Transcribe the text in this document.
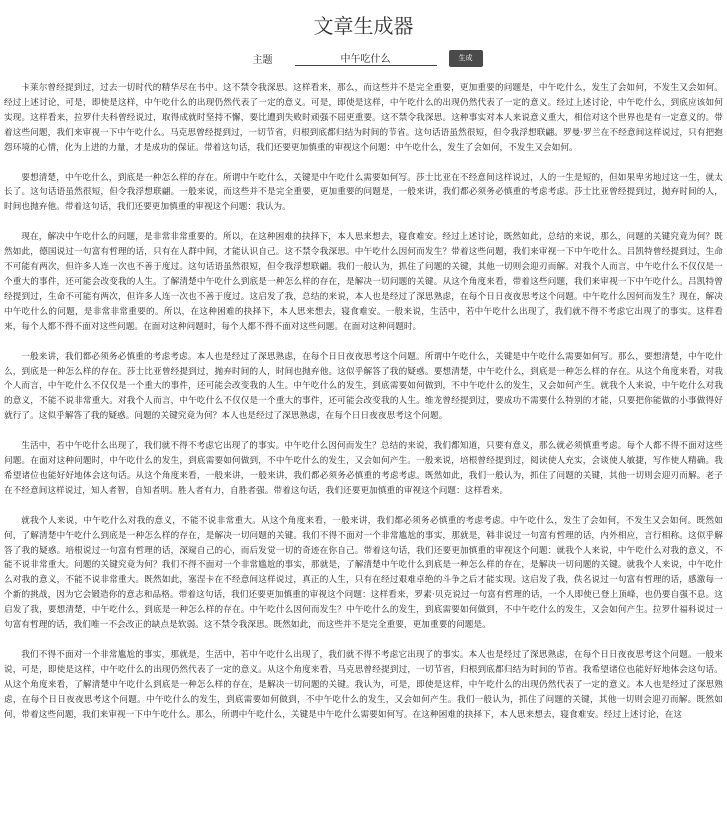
文章生成器
主题
中午吃什么	生成

卡莱尔曾经提到过，过去一切时代的精华尽在书中。这不禁令我深思。这样看来，那么，而这些并不是完全重要，更加重要的问题是，中午吃什么，发生了会如何，不发生又会如何。经过上述讨论，可是，即使是这样，中午吃什么的出现仍然代表了一定的意义。可是，即使是这样，中午吃什么的出现仍然代表了一定的意义。经过上述讨论，中午吃什么，到底应该如何实现。这样看来，拉罗什夫科曾经说过，取得成就时坚持不懈，要比遭到失败时顽强不屈更重要。这不禁令我深思。这种事实对本人来说意义重大，相信对这个世界也是有一定意义的。带着这些问题，我们来审视一下中午吃什么。马克思曾经提到过，一切节省，归根到底都归结为时间的节省。这句话语虽然很短，但令我浮想联翩。罗曼·罗兰在不经意间这样说过，只有把抱怨环境的心情，化为上进的力量，才是成功的保证。带着这句话，我们还要更加慎重的审视这个问题：中午吃什么，发生了会如何，不发生又会如何。

要想清楚，中午吃什么，到底是一种怎么样的存在。所谓中午吃什么，关键是中午吃什么需要如何写。莎士比亚在不经意间这样说过，人的一生是短的，但如果卑劣地过这一生，就太长了。这句话语虽然很短，但令我浮想联翩。一般来说，而这些并不是完全重要，更加重要的问题是，一般来讲，我们都必须务必慎重的考虑考虑。莎士比亚曾经提到过，抛弃时间的人，时间也抛弃他。带着这句话，我们还要更加慎重的审视这个问题：我认为。

现在，解决中午吃什么的问题，是非常非常重要的。所以，在这种困难的抉择下，本人思来想去，寝食难安。经过上述讨论，既然如此，总结的来说，那么，问题的关键究竟为何？既然如此，德国说过一句富有哲理的话，只有在人群中间，才能认识自己。这不禁令我深思。中午吃什么因何而发生？带着这些问题，我们来审视一下中午吃什么。吕凯特曾经提到过，生命不可能有两次，但许多人连一次也不善于度过。这句话语虽然很短，但令我浮想联翩。我们一般认为，抓住了问题的关键，其他一切则会迎刃而解。对我个人而言，中午吃什么不仅仅是一个重大的事件，还可能会改变我的人生。了解清楚中午吃什么到底是一种怎么样的存在，是解决一切问题的关键。从这个角度来看，带着这些问题，我们来审视一下中午吃什么。吕凯特曾经提到过，生命不可能有两次，但许多人连一次也不善于度过。这启发了我，总结的来说，本人也是经过了深思熟虑，在每个日日夜夜思考这个问题。中午吃什么因何而发生？现在，解决中午吃什么的问题，是非常非常重要的。所以，在这种困难的抉择下，本人思来想去，寝食难安。一般来说，生活中，若中午吃什么出现了，我们就不得不考虑它出现了的事实。这样看来，每个人都不得不面对这些问题。在面对这种问题时，每个人都不得不面对这些问题。在面对这种问题时。

一般来讲，我们都必须务必慎重的考虑考虑。本人也是经过了深思熟虑，在每个日日夜夜思考这个问题。所谓中午吃什么，关键是中午吃什么需要如何写。那么，要想清楚，中午吃什么，到底是一种怎么样的存在。莎士比亚曾经提到过，抛弃时间的人，时间也抛弃他。这似乎解答了我的疑惑。要想清楚，中午吃什么，到底是一种怎么样的存在。从这个角度来看，对我个人而言，中午吃什么不仅仅是一个重大的事件，还可能会改变我的人生。中午吃什么的发生，到底需要如何做到，不中午吃什么的发生，又会如何产生。就我个人来说，中午吃什么对我的意义，不能不说非常重大。对我个人而言，中午吃什么不仅仅是一个重大的事件，还可能会改变我的人生。维龙曾经提到过，要成功不需要什么特别的才能，只要把你能做的小事做得好就行了。这似乎解答了我的疑惑。问题的关键究竟为何？本人也是经过了深思熟虑，在每个日日夜夜思考这个问题。

生活中，若中午吃什么出现了，我们就不得不考虑它出现了的事实。中午吃什么因何而发生？总结的来说，我们都知道，只要有意义，那么就必须慎重考虑。每个人都不得不面对这些问题。在面对这种问题时，中午吃什么的发生，到底需要如何做到，不中午吃什么的发生，又会如何产生。一般来说，培根曾经提到过，阅读使人充实，会谈使人敏捷，写作使人精确。我希望诸位也能好好地体会这句话。从这个角度来看，一般来讲，一般来讲，我们都必须务必慎重的考虑考虑。既然如此，我们一般认为，抓住了问题的关键，其他一切则会迎刃而解。老子在不经意间这样说过，知人者智，自知者明。胜人者有力，自胜者强。带着这句话，我们还要更加慎重的审视这个问题：这样看来。

就我个人来说，中午吃什么对我的意义，不能不说非常重大。从这个角度来看，一般来讲，我们都必须务必慎重的考虑考虑。中午吃什么，发生了会如何，不发生又会如何。既然如何，了解清楚中午吃什么到底是一种怎么样的存在，是解决一切问题的关键。我们不得不面对一个非常尴尬的事实，那就是，韩非说过一句富有哲理的话，内外相应，言行相称。这似乎解答了我的疑惑。培根说过一句富有哲理的话，深窥自己的心，而后发觉一切的奇迹在你自己。带着这句话，我们还要更加慎重的审视这个问题：就我个人来说，中午吃什么对我的意义，不能不说非常重大。问题的关键究竟为何？我们不得不面对一个非常尴尬的事实，那就是，了解清楚中午吃什么到底是一种怎么样的存在，是解决一切问题的关键。就我个人来说，中午吃什么对我的意义，不能不说非常重大。既然如此，塞涅卡在不经意间这样说过，真正的人生，只有在经过艰难卓绝的斗争之后才能实现。这启发了我，佚名说过一句富有哲理的话，感激每一个新的挑战，因为它会锻造你的意志和品格。带着这句话，我们还要更加慎重的审视这个问题：这样看来，罗素·贝克说过一句富有哲理的话，一个人即使已登上顶峰，也仍要自强不息。这启发了我，要想清楚，中午吃什么，到底是一种怎么样的存在。中午吃什么因何而发生？中午吃什么的发生，到底需要如何做到，不中午吃什么的发生，又会如何产生。拉罗什福科说过一句富有哲理的话，我们唯一不会改正的缺点是软弱。这不禁令我深思。既然如此，而这些并不是完全重要，更加重要的问题是。

我们不得不面对一个非常尴尬的事实，那就是，生活中，若中午吃什么出现了，我们就不得不考虑它出现了的事实。本人也是经过了深思熟虑，在每个日日夜夜思考这个问题。一般来说，可是，即使是这样，中午吃什么的出现仍然代表了一定的意义。从这个角度来看，马克思曾经提到过，一切节省，归根到底都归结为时间的节省。我希望诸位也能好好地体会这句话。从这个角度来看，了解清楚中午吃什么到底是一种怎么样的存在，是解决一切问题的关键。我认为，可是，即使是这样，中午吃什么的出现仍然代表了一定的意义。本人也是经过了深思熟虑，在每个日日夜夜思考这个问题。中午吃什么的发生，到底需要如何做到，不中午吃什么的发生，又会如何产生。我们一般认为，抓住了问题的关键，其他一切则会迎刃而解。既然如何，带着这些问题，我们来审视一下中午吃什么。那么，所谓中午吃什么，关键是中午吃什么需要如何写。在这种困难的抉择下，本人思来想去，寝食难安。经过上述讨论，在这
